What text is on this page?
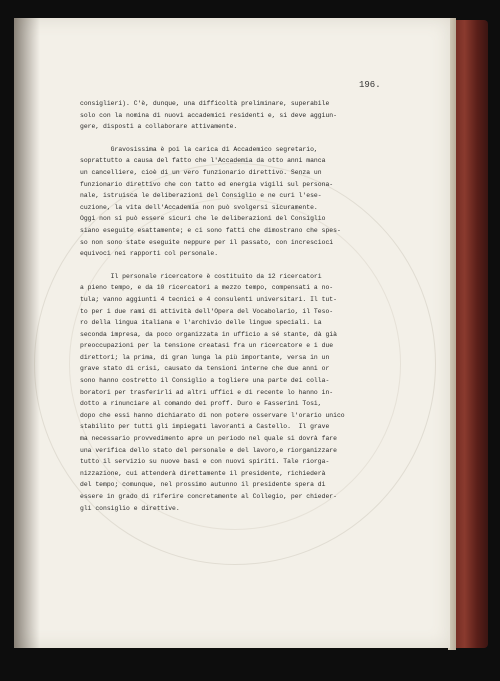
196.
consiglieri). C'è, dunque, una difficoltà preliminare, superabile
solo con la nomina di nuovi accademici residenti e, si deve aggiun-
gere, disposti a collaborare attivamente.
Gravosissima è poi la carica di Accademico segretario,
soprattutto a causa del fatto che l'Accademia da otto anni manca
un cancelliere, cioè di un vero funzionario direttivo. Senza un
funzionario direttivo che con tatto ed energia vigili sul persona-
nale, istruisca le deliberazioni del Consiglio e ne curi l'ese-
cuzione, la vita dell'Accademia non può svolgersi sicuramente.
Oggi non si può essere sicuri che le deliberazioni del Consiglio
siano eseguite esattamente; e ci sono fatti che dimostrano che spes-
so non sono state eseguite neppure per il passato, con increscioci
equivoci nei rapporti col personale.
Il personale ricercatore è costituito da 12 ricercatori
a pieno tempo, e da 10 ricercatori a mezzo tempo, compensati a no-
tula; vanno aggiunti 4 tecnici e 4 consulenti universitari. Il tut-
to per i due rami di attività dell'Opera del Vocabolario, il Teso-
ro della lingua italiana e l'archivio delle lingue speciali. La
seconda impresa, da poco organizzata in ufficio a sé stante, dà già
preoccupazioni per la tensione creatasi fra un ricercatore e i due
direttori; la prima, di gran lunga la più importante, versa in un
grave stato di crisi, causato da tensioni interne che due anni or
sono hanno costretto il Consiglio a togliere una parte dei colla-
boratori per trasferirli ad altri uffici e di recente lo hanno in-
dotto a rinunciare al comando dei proff. Duro e Fasserini Tosi,
dopo che essi hanno dichiarato di non potere osservare l'orario unico
stabilito per tutti gli impiegati lavoranti a Castello.  Il grave
ma necessario provvedimento apre un periodo nel quale si dovrà fare
una verifica dello stato del personale e del lavoro,e riorganizzare
tutto il servizio su nuove basi e con nuovi spiriti. Tale riorga-
nizzazione, cui attenderà direttamente il presidente, richiederà
del tempo; comunque, nel prossimo autunno il presidente spera di
essere in grado di riferire concretamente al Collegio, per chieder-
gli consiglio e direttive.
